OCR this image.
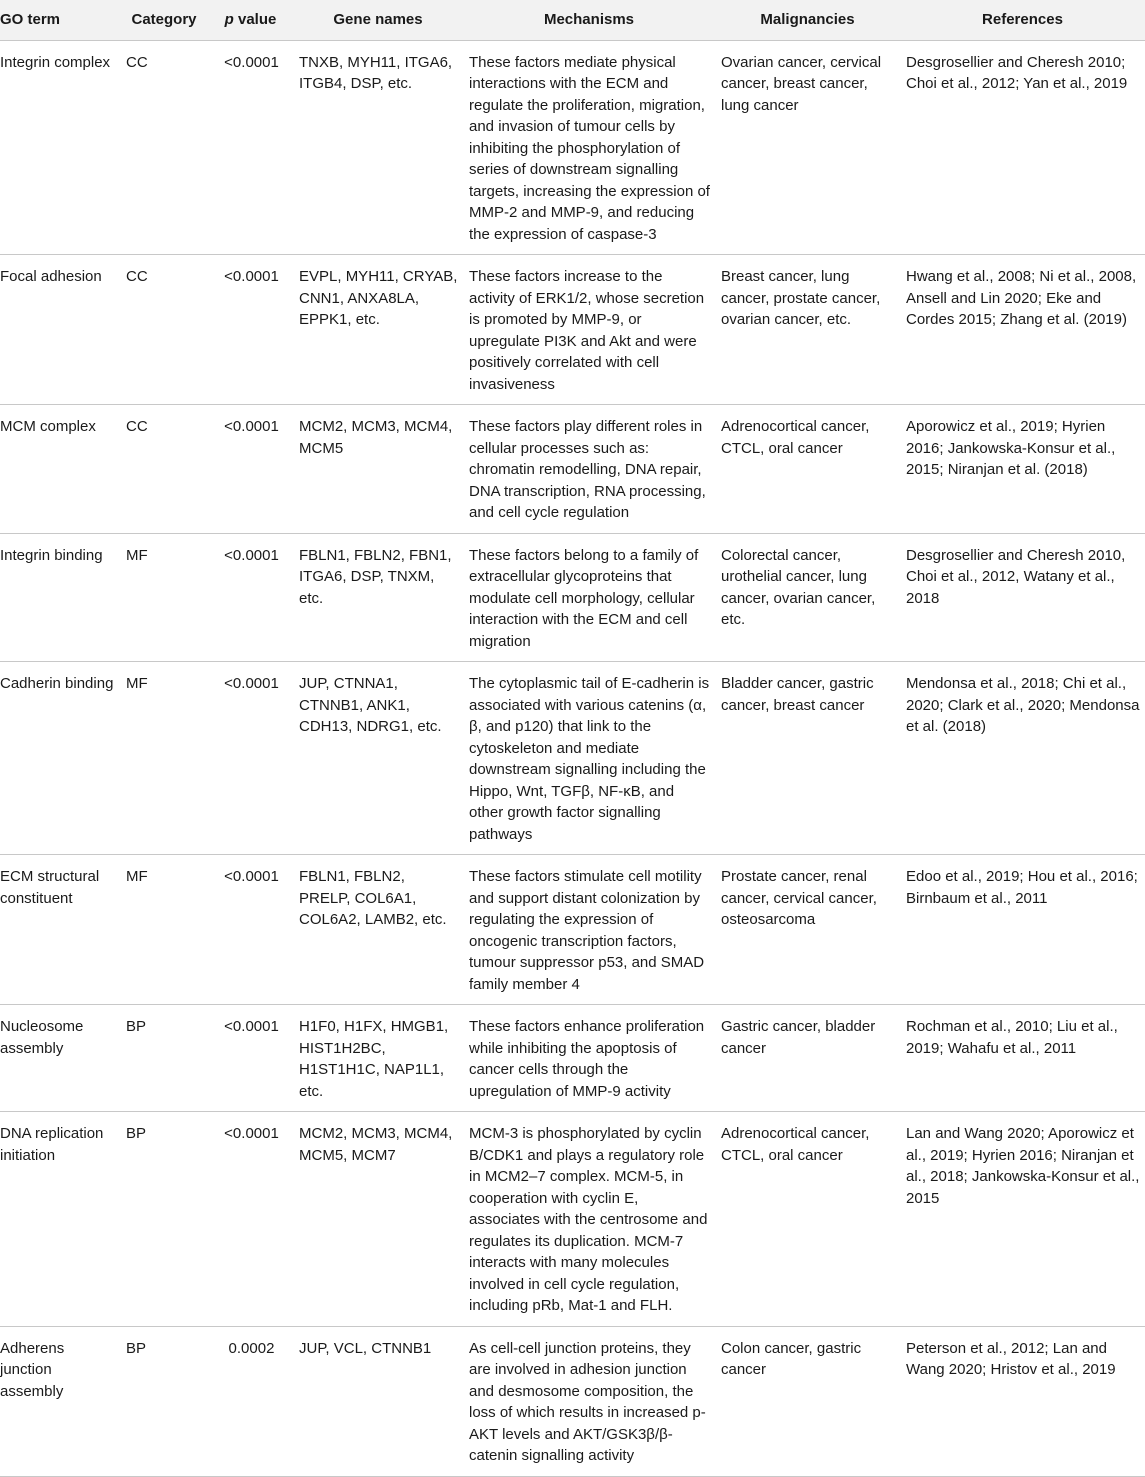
GO term	Category	p value	Gene names	Mechanisms	Malignancies	References
Integrin complex	CC	<0.0001	TNXB, MYH11, ITGA6, ITGB4, DSP, etc.	These factors mediate physical interactions with the ECM and regulate the proliferation, migration, and invasion of tumour cells by inhibiting the phosphorylation of series of downstream signalling targets, increasing the expression of MMP-2 and MMP-9, and reducing the expression of caspase-3	Ovarian cancer, cervical cancer, breast cancer, lung cancer	Desgrosellier and Cheresh 2010; Choi et al., 2012; Yan et al., 2019
Focal adhesion	CC	<0.0001	EVPL, MYH11, CRYAB, CNN1, ANXA8LA, EPPK1, etc.	These factors increase to the activity of ERK1/2, whose secretion is promoted by MMP-9, or upregulate PI3K and Akt and were positively correlated with cell invasiveness	Breast cancer, lung cancer, prostate cancer, ovarian cancer, etc.	Hwang et al., 2008; Ni et al., 2008, Ansell and Lin 2020; Eke and Cordes 2015; Zhang et al. (2019)
MCM complex	CC	<0.0001	MCM2, MCM3, MCM4, MCM5	These factors play different roles in cellular processes such as: chromatin remodelling, DNA repair, DNA transcription, RNA processing, and cell cycle regulation	Adrenocortical cancer, CTCL, oral cancer	Aporowicz et al., 2019; Hyrien 2016; Jankowska-Konsur et al., 2015; Niranjan et al. (2018)
Integrin binding	MF	<0.0001	FBLN1, FBLN2, FBN1, ITGA6, DSP, TNXM, etc.	These factors belong to a family of extracellular glycoproteins that modulate cell morphology, cellular interaction with the ECM and cell migration	Colorectal cancer, urothelial cancer, lung cancer, ovarian cancer, etc.	Desgrosellier and Cheresh 2010, Choi et al., 2012, Watany et al., 2018
Cadherin binding	MF	<0.0001	JUP, CTNNA1, CTNNB1, ANK1, CDH13, NDRG1, etc.	The cytoplasmic tail of E-cadherin is associated with various catenins (α, β, and p120) that link to the cytoskeleton and mediate downstream signalling including the Hippo, Wnt, TGFβ, NF-κB, and other growth factor signalling pathways	Bladder cancer, gastric cancer, breast cancer	Mendonsa et al., 2018; Chi et al., 2020; Clark et al., 2020; Mendonsa et al. (2018)
ECM structural constituent	MF	<0.0001	FBLN1, FBLN2, PRELP, COL6A1, COL6A2, LAMB2, etc.	These factors stimulate cell motility and support distant colonization by regulating the expression of oncogenic transcription factors, tumour suppressor p53, and SMAD family member 4	Prostate cancer, renal cancer, cervical cancer, osteosarcoma	Edoo et al., 2019; Hou et al., 2016; Birnbaum et al., 2011
Nucleosome assembly	BP	<0.0001	H1F0, H1FX, HMGB1, HIST1H2BC, H1ST1H1C, NAP1L1, etc.	These factors enhance proliferation while inhibiting the apoptosis of cancer cells through the upregulation of MMP-9 activity	Gastric cancer, bladder cancer	Rochman et al., 2010; Liu et al., 2019; Wahafu et al., 2011
DNA replication initiation	BP	<0.0001	MCM2, MCM3, MCM4, MCM5, MCM7	MCM-3 is phosphorylated by cyclin B/CDK1 and plays a regulatory role in MCM2–7 complex. MCM-5, in cooperation with cyclin E, associates with the centrosome and regulates its duplication. MCM-7 interacts with many molecules involved in cell cycle regulation, including pRb, Mat-1 and FLH.	Adrenocortical cancer, CTCL, oral cancer	Lan and Wang 2020; Aporowicz et al., 2019; Hyrien 2016; Niranjan et al., 2018; Jankowska-Konsur et al., 2015
Adherens junction assembly	BP	0.0002	JUP, VCL, CTNNB1	As cell-cell junction proteins, they are involved in adhesion junction and desmosome composition, the loss of which results in increased p-AKT levels and AKT/GSK3β/β-catenin signalling activity	Colon cancer, gastric cancer	Peterson et al., 2012; Lan and Wang 2020; Hristov et al., 2019
